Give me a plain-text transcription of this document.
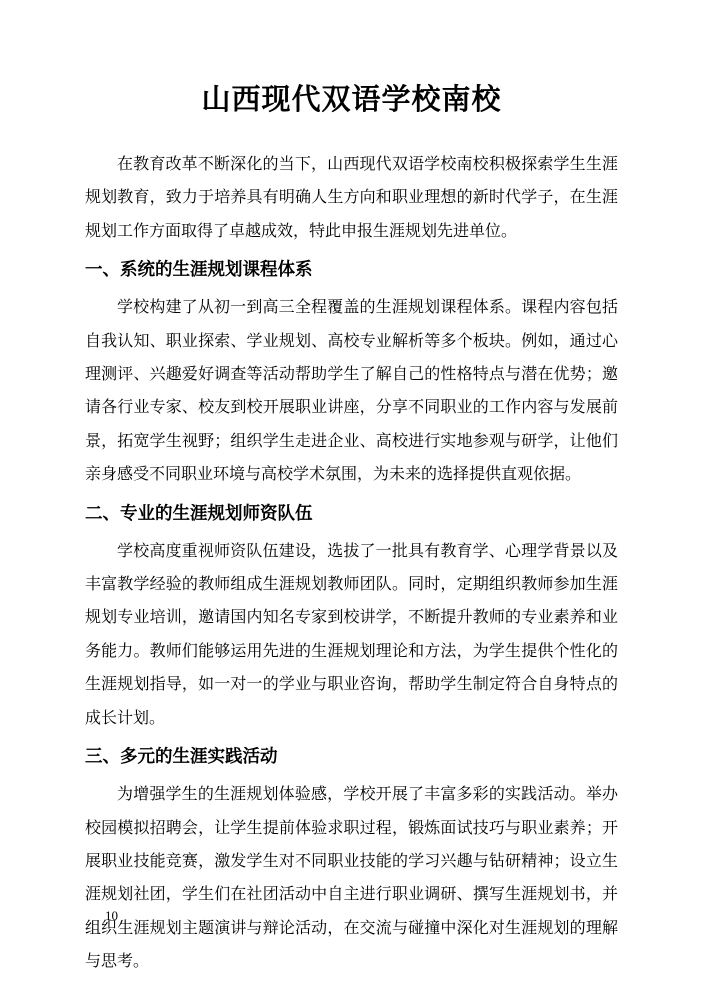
山西现代双语学校南校

在教育改革不断深化的当下，山西现代双语学校南校积极探索学生生涯规划教育，致力于培养具有明确人生方向和职业理想的新时代学子，在生涯规划工作方面取得了卓越成效，特此申报生涯规划先进单位。

一、系统的生涯规划课程体系

学校构建了从初一到高三全程覆盖的生涯规划课程体系。课程内容包括自我认知、职业探索、学业规划、高校专业解析等多个板块。例如，通过心理测评、兴趣爱好调查等活动帮助学生了解自己的性格特点与潜在优势；邀请各行业专家、校友到校开展职业讲座，分享不同职业的工作内容与发展前景，拓宽学生视野；组织学生走进企业、高校进行实地参观与研学，让他们亲身感受不同职业环境与高校学术氛围，为未来的选择提供直观依据。

二、专业的生涯规划师资队伍

学校高度重视师资队伍建设，选拔了一批具有教育学、心理学背景以及丰富教学经验的教师组成生涯规划教师团队。同时，定期组织教师参加生涯规划专业培训，邀请国内知名专家到校讲学，不断提升教师的专业素养和业务能力。教师们能够运用先进的生涯规划理论和方法，为学生提供个性化的生涯规划指导，如一对一的学业与职业咨询，帮助学生制定符合自身特点的成长计划。

三、多元的生涯实践活动

为增强学生的生涯规划体验感，学校开展了丰富多彩的实践活动。举办校园模拟招聘会，让学生提前体验求职过程，锻炼面试技巧与职业素养；开展职业技能竞赛，激发学生对不同职业技能的学习兴趣与钻研精神；设立生涯规划社团，学生们在社团活动中自主进行职业调研、撰写生涯规划书，并组织生涯规划主题演讲与辩论活动，在交流与碰撞中深化对生涯规划的理解与思考。

10
